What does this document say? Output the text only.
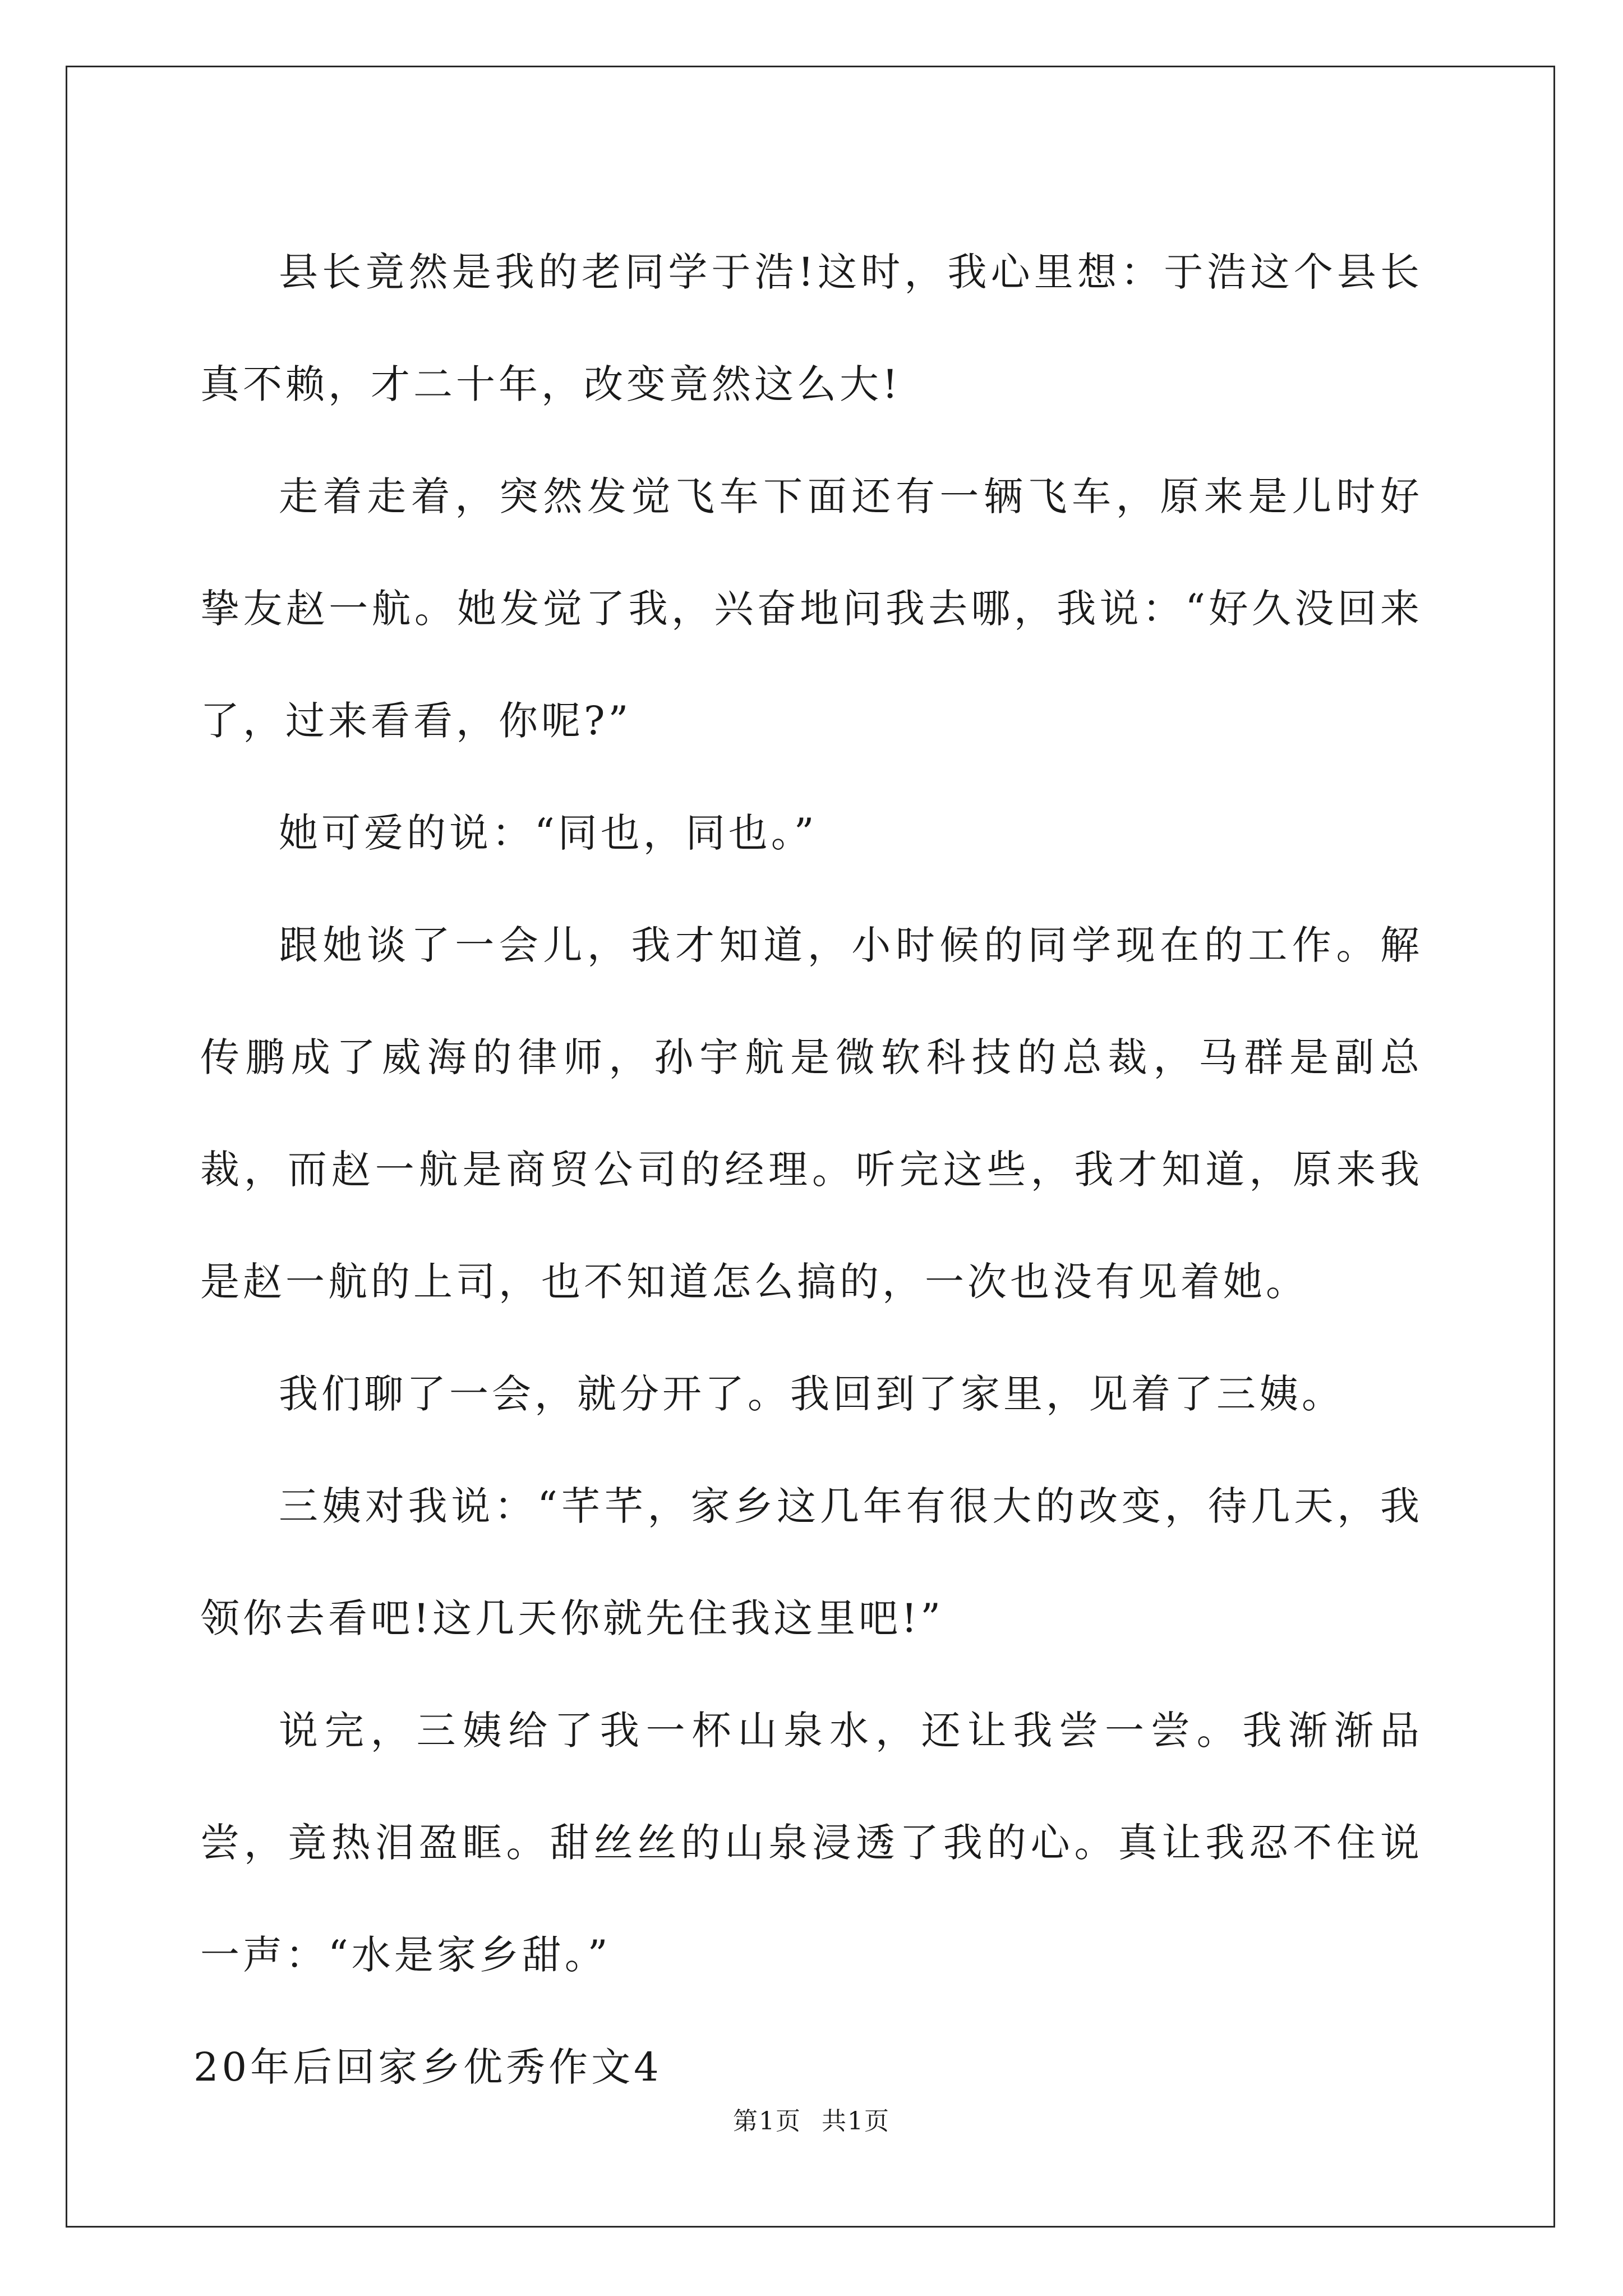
县长竟然是我的老同学于浩!这时，我心里想：于浩这个县长真不赖，才二十年，改变竟然这么大!

走着走着，突然发觉飞车下面还有一辆飞车，原来是儿时好挚友赵一航。她发觉了我，兴奋地问我去哪，我说：“好久没回来了，过来看看，你呢?”

她可爱的说：“同也，同也。”

跟她谈了一会儿，我才知道，小时候的同学现在的工作。解传鹏成了威海的律师，孙宇航是微软科技的总裁，马群是副总裁，而赵一航是商贸公司的经理。听完这些，我才知道，原来我是赵一航的上司，也不知道怎么搞的，一次也没有见着她。

我们聊了一会，就分开了。我回到了家里，见着了三姨。

三姨对我说：“芊芊，家乡这几年有很大的改变，待几天，我领你去看吧!这几天你就先住我这里吧!”

说完，三姨给了我一杯山泉水，还让我尝一尝。我渐渐品尝，竟热泪盈眶。甜丝丝的山泉浸透了我的心。真让我忍不住说一声：“水是家乡甜。”

20年后回家乡优秀作文4

第1页 共1页
